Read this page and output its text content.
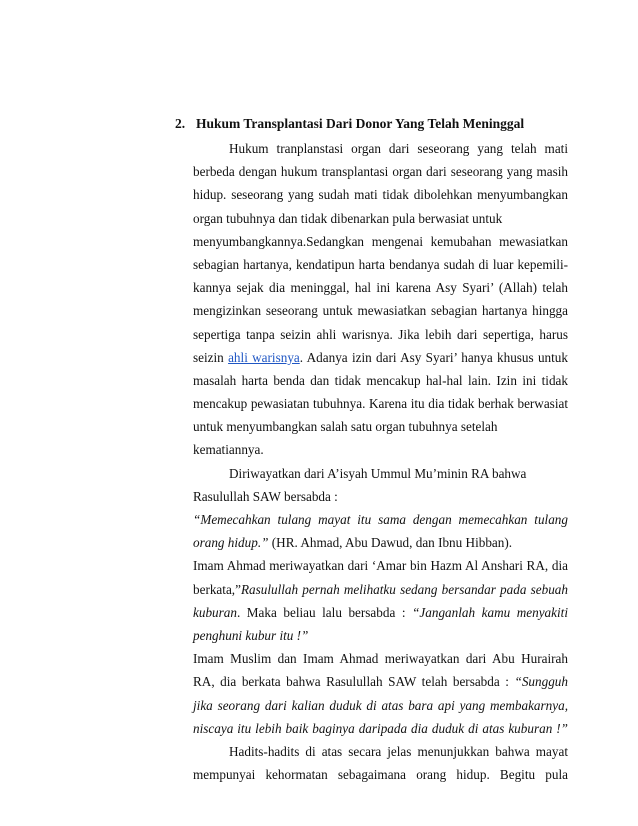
2. Hukum Transplantasi Dari Donor Yang Telah Meninggal
Hukum tranplanstasi organ dari seseorang yang telah mati
berbeda dengan hukum transplantasi organ dari seseorang yang masih
hidup. seseorang yang sudah mati tidak dibolehkan menyumbangkan
organ tubuhnya dan tidak dibenarkan pula berwasiat untuk
menyumbangkannya.Sedangkan mengenai kemubahan mewasiatkan
sebagian hartanya, kendatipun harta bendanya sudah di luar kepemili-
kannya sejak dia meninggal, hal ini karena Asy Syari’ (Allah) telah
mengizinkan seseorang untuk mewasiatkan sebagian hartanya hingga
sepertiga tanpa seizin ahli warisnya. Jika lebih dari sepertiga, harus
seizin ahli warisnya. Adanya izin dari Asy Syari’ hanya khusus untuk
masalah harta benda dan tidak mencakup hal-hal lain. Izin ini tidak
mencakup pewasiatan tubuhnya. Karena itu dia tidak berhak berwasiat
untuk menyumbangkan salah satu organ tubuhnya setelah
kematiannya.
Diriwayatkan dari A’isyah Ummul Mu’minin RA bahwa
Rasulullah SAW bersabda :
“Memecahkan tulang mayat itu sama dengan memecahkan tulang
orang hidup.” (HR. Ahmad, Abu Dawud, dan Ibnu Hibban).
Imam Ahmad meriwayatkan dari ‘Amar bin Hazm Al Anshari RA, dia
berkata,”Rasulullah pernah melihatku sedang bersandar pada sebuah
kuburan. Maka beliau lalu bersabda : “Janganlah kamu menyakiti
penghuni kubur itu !”
Imam Muslim dan Imam Ahmad meriwayatkan dari Abu Hurairah
RA, dia berkata bahwa Rasulullah SAW telah bersabda : “Sungguh
jika seorang dari kalian duduk di atas bara api yang membakarnya,
niscaya itu lebih baik baginya daripada dia duduk di atas kuburan !”
Hadits-hadits di atas secara jelas menunjukkan bahwa mayat
mempunyai kehormatan sebagaimana orang hidup. Begitu pula
